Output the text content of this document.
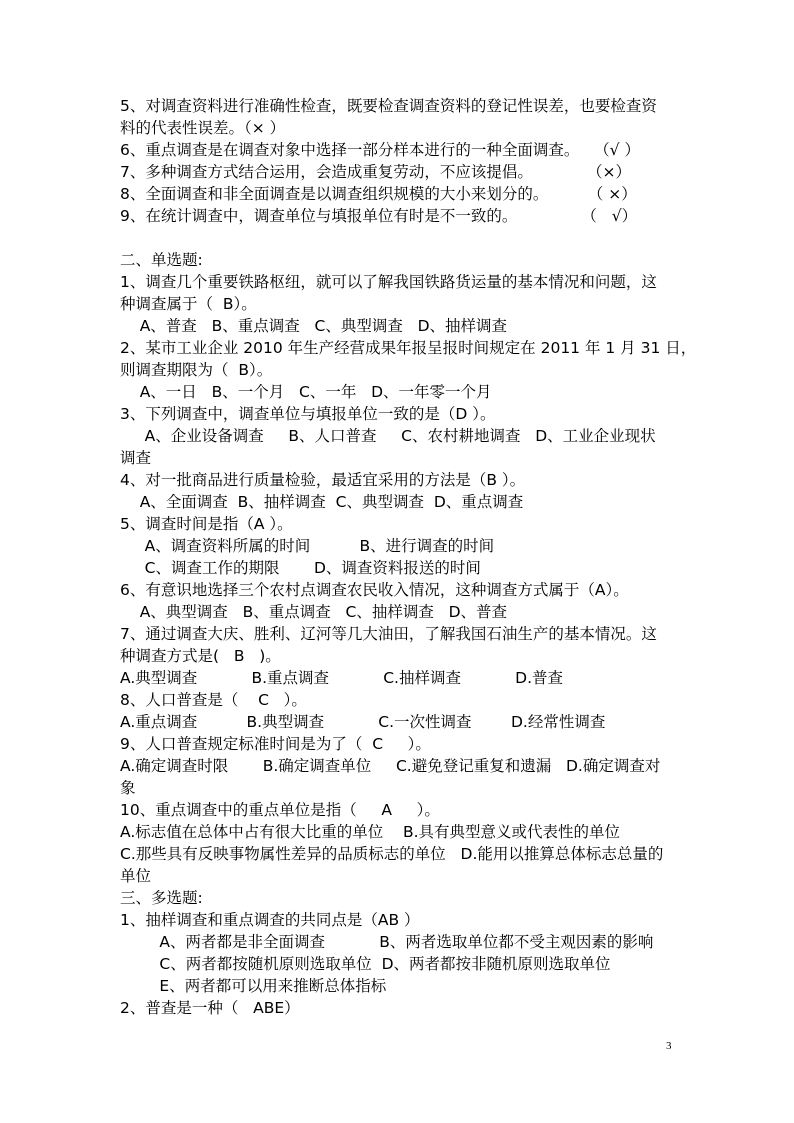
5、对调查资料进行准确性检查，既要检查调查资料的登记性误差，也要检查资
料的代表性误差。（× ）
6、重点调查是在调查对象中选择一部分样本进行的一种全面调查。   （√ ）
7、多种调查方式结合运用，会造成重复劳动，不应该提倡。           （×）
8、全面调查和非全面调查是以调查组织规模的大小来划分的。        （ ×）
9、在统计调查中，调查单位与填报单位有时是不一致的。             （   √）
二、单选题:
1、调查几个重要铁路枢纽，就可以了解我国铁路货运量的基本情况和问题，这
种调查属于（  B）。
A、普查   B、重点调查   C、典型调查   D、抽样调查
2、某市工业企业 2010 年生产经营成果年报呈报时间规定在 2011 年 1 月 31 日，
则调查期限为（  B）。
A、一日   B、一个月   C、一年   D、一年零一个月
3、下列调查中，调查单位与填报单位一致的是（D ）。
A、企业设备调查     B、人口普查     C、农村耕地调查   D、工业企业现状
调查
4、对一批商品进行质量检验，最适宜采用的方法是（B ）。
A、全面调查  B、抽样调查  C、典型调查  D、重点调查
5、调查时间是指（A ）。
A、调查资料所属的时间          B、进行调查的时间
C、调查工作的期限       D、调查资料报送的时间
6、有意识地选择三个农村点调查农民收入情况，这种调查方式属于（A）。
A、典型调查   B、重点调查   C、抽样调查   D、普查
7、通过调查大庆、胜利、辽河等几大油田，了解我国石油生产的基本情况。这
种调查方式是(   B   )。
A.典型调查           B.重点调查           C.抽样调查           D.普查
8、人口普查是（    C   ）。
A.重点调查          B.典型调查           C.一次性调查        D.经常性调查
9、人口普查规定标准时间是为了（  C     ）。
A.确定调查时限       B.确定调查单位     C.避免登记重复和遗漏   D.确定调查对
象
10、重点调查中的重点单位是指（     A     ）。
A.标志值在总体中占有很大比重的单位    B.具有典型意义或代表性的单位
C.那些具有反映事物属性差异的品质标志的单位   D.能用以推算总体标志总量的
单位
三、多选题:
1、抽样调查和重点调查的共同点是（AB ）
A、两者都是非全面调查           B、两者选取单位都不受主观因素的影响
C、两者都按随机原则选取单位  D、两者都按非随机原则选取单位
E、两者都可以用来推断总体指标
2、普查是一种（   ABE）
3
